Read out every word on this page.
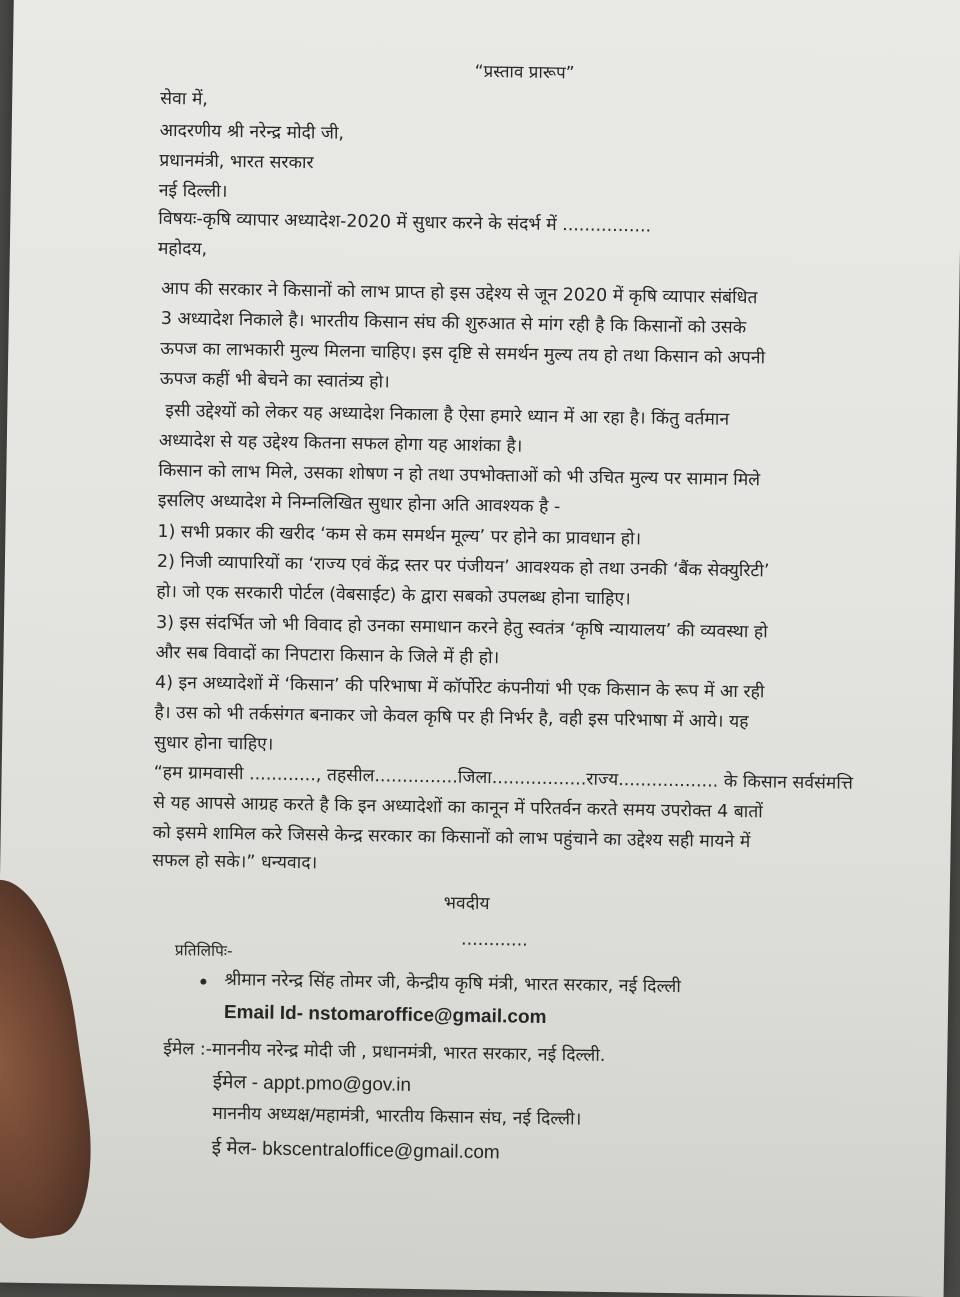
“प्रस्ताव प्रारूप”
सेवा में,
आदरणीय श्री नरेन्द्र मोदी जी,
प्रधानमंत्री, भारत सरकार
नई दिल्ली।
विषयः-कृषि व्यापार अध्यादेश-2020 में सुधार करने के संदर्भ में ................
महोदय,
आप की सरकार ने किसानों को लाभ प्राप्त हो इस उद्देश्य से जून 2020 में कृषि व्यापार संबंधित
3 अध्यादेश निकाले है। भारतीय किसान संघ की शुरुआत से मांग रही है कि किसानों को उसके
ऊपज का लाभकारी मुल्य मिलना चाहिए। इस दृष्टि से समर्थन मुल्य तय हो तथा किसान को अपनी
ऊपज कहीं भी बेचने का स्वातंत्र्य हो।
इसी उद्देश्यों को लेकर यह अध्यादेश निकाला है ऐसा हमारे ध्यान में आ रहा है। किंतु वर्तमान
अध्यादेश से यह उद्देश्य कितना सफल होगा यह आशंका है।
किसान को लाभ मिले, उसका शोषण न हो तथा उपभोक्ताओं को भी उचित मुल्य पर सामान मिले
इसलिए अध्यादेश मे निम्नलिखित सुधार होना अति आवश्यक है -
1) सभी प्रकार की खरीद ‘कम से कम समर्थन मूल्य’ पर होने का प्रावधान हो।
2) निजी व्यापारियों का ‘राज्य एवं केंद्र स्तर पर पंजीयन’ आवश्यक हो तथा उनकी ‘बैंक सेक्युरिटी’
हो। जो एक सरकारी पोर्टल (वेबसाईट) के द्वारा सबको उपलब्ध होना चाहिए।
3) इस संदर्भित जो भी विवाद हो उनका समाधान करने हेतु स्वतंत्र ‘कृषि न्यायालय’ की व्यवस्था हो
और सब विवादों का निपटारा किसान के जिले में ही हो।
4) इन अध्यादेशों में ‘किसान’ की परिभाषा में कॉर्पोरेट कंपनीयां भी एक किसान के रूप में आ रही
है। उस को भी तर्कसंगत बनाकर जो केवल कृषि पर ही निर्भर है, वही इस परिभाषा में आये। यह
सुधार होना चाहिए।
“हम ग्रामवासी ............, तहसील...............जिला.................राज्य.................. के किसान सर्वसंमत्ति
से यह आपसे आग्रह करते है कि इन अध्यादेशों का कानून में परितर्वन करते समय उपरोक्त 4 बातों
को इसमे शामिल करे जिससे केन्द्र सरकार का किसानों को लाभ पहुंचाने का उद्देश्य सही मायने में
सफल हो सके।” धन्यवाद।
भवदीय
............
प्रतिलिपिः-
श्रीमान नरेन्द्र सिंह तोमर जी, केन्द्रीय कृषि मंत्री, भारत सरकार, नई दिल्ली
Email Id- nstomaroffice@gmail.com
ईमेल :-माननीय नरेन्द्र मोदी जी , प्रधानमंत्री, भारत सरकार, नई दिल्ली.
ईमेल - appt.pmo@gov.in
माननीय अध्यक्ष/महामंत्री, भारतीय किसान संघ, नई दिल्ली।
ई मेल- bkscentraloffice@gmail.com
